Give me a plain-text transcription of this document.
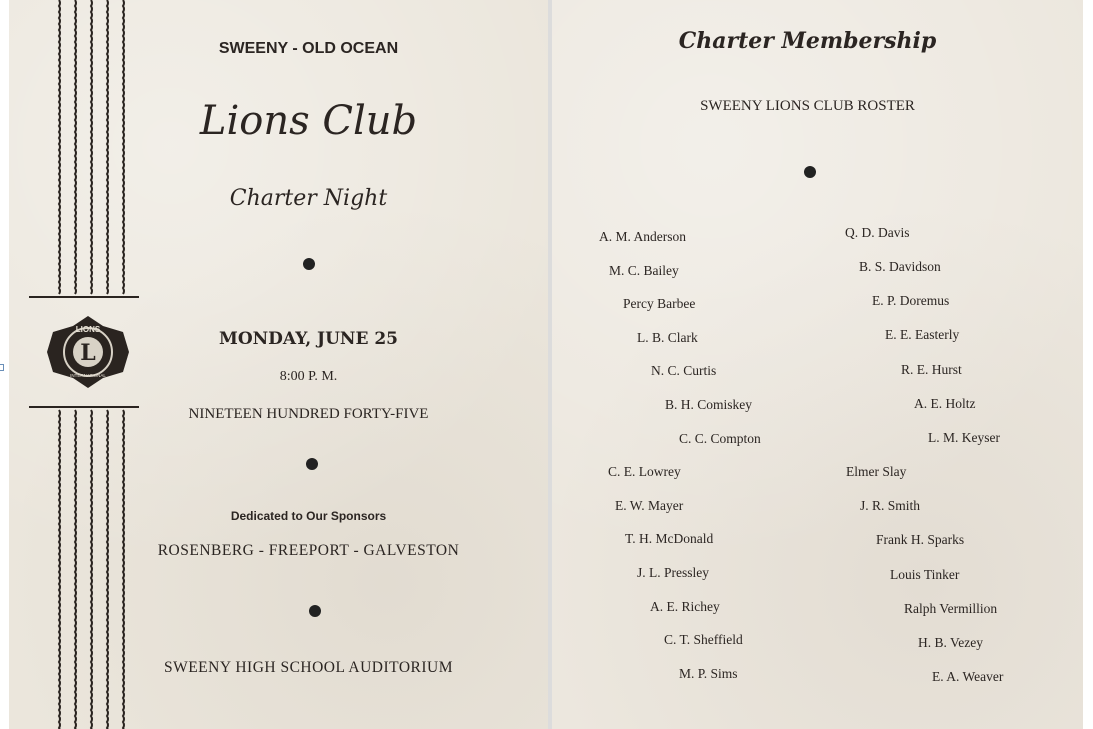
L
LIONS
INTERNATIONAL
SWEENY - OLD OCEAN
Lions Club
Charter Night
MONDAY, JUNE 25
8:00 P. M.
NINETEEN HUNDRED FORTY-FIVE
Dedicated to Our Sponsors
ROSENBERG - FREEPORT - GALVESTON
SWEENY HIGH SCHOOL AUDITORIUM
Charter Membership
SWEENY LIONS CLUB ROSTER
A. M. Anderson
M. C. Bailey
Percy Barbee
L. B. Clark
N. C. Curtis
B. H. Comiskey
C. C. Compton
C. E. Lowrey
E. W. Mayer
T. H. McDonald
J. L. Pressley
A. E. Richey
C. T. Sheffield
M. P. Sims
Q. D. Davis
B. S. Davidson
E. P. Doremus
E. E. Easterly
R. E. Hurst
A. E. Holtz
L. M. Keyser
Elmer Slay
J. R. Smith
Frank H. Sparks
Louis Tinker
Ralph Vermillion
H. B. Vezey
E. A. Weaver
